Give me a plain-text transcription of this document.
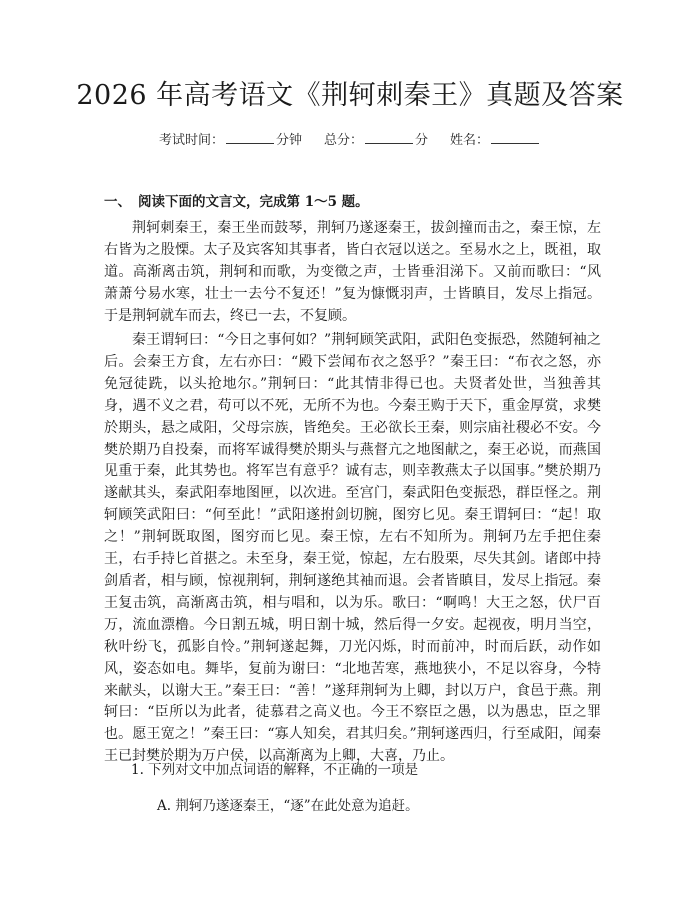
2026 年高考语文《荆轲刺秦王》真题及答案
考试时间：	分钟 总分：	分 姓名：
一、 阅读下面的文言文，完成第 1～5 题。
荆轲刺秦王，秦王坐而鼓琴，荆轲乃遂逐秦王，拔剑撞而击之，秦王惊，左右皆为之股慄。太子及宾客知其事者，皆白衣冠以送之。至易水之上，既祖，取道。高渐离击筑，荆轲和而歌，为变徵之声，士皆垂泪涕下。又前而歌曰：“风萧萧兮易水寒，壮士一去兮不复还！”复为慷慨羽声，士皆瞋目，发尽上指冠。于是荆轲就车而去，终已一去，不复顾。
秦王谓轲曰：“今日之事何如？”荆轲顾笑武阳，武阳色变振恐，然随轲袖之后。会秦王方食，左右亦曰：“殿下尝闻布衣之怒乎？”秦王曰：“布衣之怒，亦免冠徒跣，以头抢地尔。”荆轲曰：“此其情非得已也。夫贤者处世，当独善其身，遇不义之君，苟可以不死，无所不为也。今秦王购于天下，重金厚赏，求樊於期头，悬之咸阳，父母宗族，皆绝矣。王必欲长王秦，则宗庙社稷必不安。今樊於期乃自投秦，而将军诚得樊於期头与燕督亢之地图献之，秦王必说，而燕国见重于秦，此其势也。将军岂有意乎？诚有志，则幸教燕太子以国事。”樊於期乃遂献其头，秦武阳奉地图匣，以次进。至宫门，秦武阳色变振恐，群臣怪之。荆轲顾笑武阳曰：“何至此！”武阳遂拊剑切腕，图穷匕见。秦王谓轲曰：“起！取之！”荆轲既取图，图穷而匕见。秦王惊，左右不知所为。荆轲乃左手把住秦王，右手持匕首揕之。未至身，秦王觉，惊起，左右股栗，尽失其剑。诸郎中持剑盾者，相与顾，惊视荆轲，荆轲遂绝其袖而退。会者皆瞋目，发尽上指冠。秦王复击筑，高渐离击筑，相与唱和，以为乐。歌曰：“啊鸣！大王之怒，伏尸百万，流血漂橹。今日割五城，明日割十城，然后得一夕安。起视夜，明月当空，秋叶纷飞，孤影自怜。”荆轲遂起舞，刀光闪烁，时而前冲，时而后跃，动作如风，姿态如电。舞毕，复前为谢曰：“北地苦寒，燕地狭小，不足以容身，今特来献头，以谢大王。”秦王曰：“善！”遂拜荆轲为上卿，封以万户，食邑于燕。荆轲曰：“臣所以为此者，徒慕君之高义也。今王不察臣之愚，以为愚忠，臣之罪也。愿王宽之！”秦王曰：“寡人知矣，君其归矣。”荆轲遂西归，行至咸阳，闻秦王已封樊於期为万户侯，以高渐离为上卿，大喜，乃止。
1. 下列对文中加点词语的解释，不正确的一项是
A. 荆轲乃遂逐秦王，“逐”在此处意为追赶。
